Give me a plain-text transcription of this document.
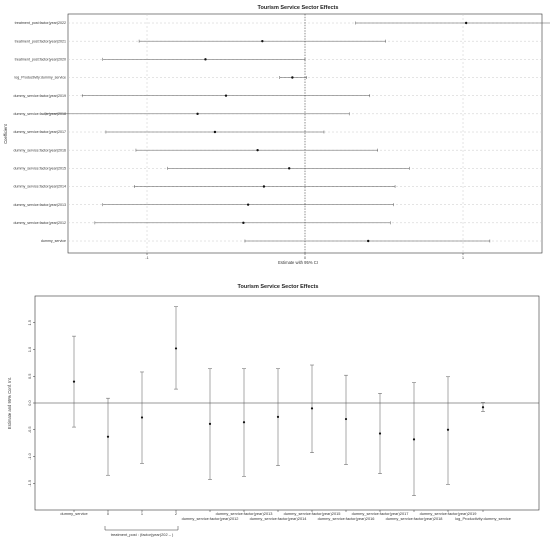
Tourism Service Sector Effects
treatment_post:factor(year)2022
treatment_post:factor(year)2021
treatment_post:factor(year)2020
log_Productivity:dummy_service
dummy_service:factor(year)2019
dummy_service:factor(year)2018
dummy_service:factor(year)2017
dummy_service:factor(year)2016
dummy_service:factor(year)2015
dummy_service:factor(year)2014
dummy_service:factor(year)2013
dummy_service:factor(year)2012
dummy_service
-1	0	1
Estimate with 95% CI
Coefficient
Tourism Service Sector Effects
-1.5
-1.0
-0.5
0.0
0.5
1.0
1.5
dummy_service	0	1	2
dummy_service:factor(year)2012
dummy_service:factor(year)2013
dummy_service:factor(year)2014
dummy_service:factor(year)2015
dummy_service:factor(year)2016
dummy_service:factor(year)2017
dummy_service:factor(year)2018
dummy_service:factor(year)2019
log_Productivity:dummy_service
Estimate and 95% Conf. Int.
treatment_post : (factor(year)202 – )
